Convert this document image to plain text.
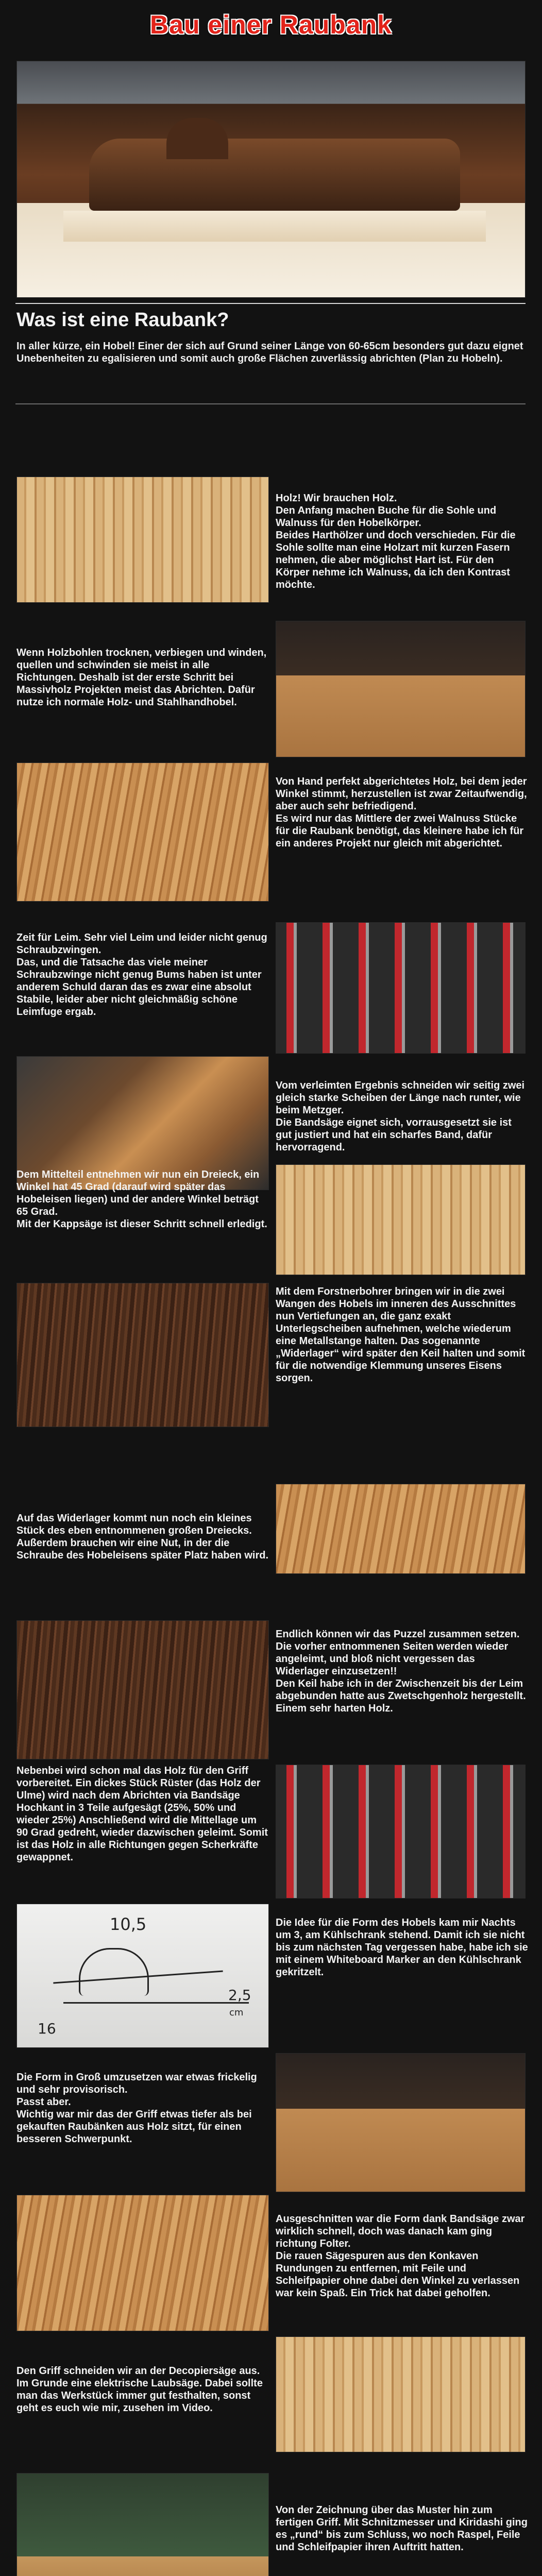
Bau einer Raubank
Was ist eine Raubank?
In aller kürze, ein Hobel! Einer der sich auf Grund seiner Länge von 60-65cm besonders gut dazu eignet Unebenheiten zu egalisieren und somit auch große Flächen zuverlässig abrichten (Plan zu Hobeln).
Holz! Wir brauchen Holz.
Den Anfang machen Buche für die Sohle und Walnuss für den Hobelkörper.
Beides Harthölzer und doch verschieden. Für die Sohle sollte man eine Holzart mit kurzen Fasern nehmen, die aber möglichst Hart ist. Für den Körper nehme ich Walnuss, da ich den Kontrast möchte.
Wenn Holzbohlen trocknen, verbiegen und winden, quellen und schwinden sie meist in alle Richtungen. Deshalb ist der erste Schritt bei Massivholz Projekten meist das Abrichten. Dafür nutze ich normale Holz- und Stahlhandhobel.
Von Hand perfekt abgerichtetes Holz, bei dem jeder Winkel stimmt, herzustellen ist zwar Zeitaufwendig, aber auch sehr befriedigend.
Es wird nur das Mittlere der zwei Walnuss Stücke für die Raubank benötigt, das kleinere habe ich für ein anderes Projekt nur gleich mit abgerichtet.
Zeit für Leim. Sehr viel Leim und leider nicht genug Schraubzwingen.
Das, und die Tatsache das viele meiner Schraubzwinge nicht genug Bums haben ist unter anderem Schuld daran das es zwar eine absolut Stabile, leider aber nicht gleichmäßig schöne Leimfuge ergab.
Vom verleimten Ergebnis schneiden wir seitig zwei gleich starke Scheiben der Länge nach runter, wie beim Metzger.
Die Bandsäge eignet sich, vorrausgesetzt sie ist gut justiert und hat ein scharfes Band, dafür hervorragend.
Dem Mittelteil entnehmen wir nun ein Dreieck, ein Winkel hat 45 Grad (darauf wird später das Hobeleisen liegen) und der andere Winkel beträgt 65 Grad.
Mit der Kappsäge ist dieser Schritt schnell erledigt.
Mit dem Forstnerbohrer bringen wir in die zwei Wangen des Hobels im inneren des Ausschnittes nun Vertiefungen an, die ganz exakt Unterlegscheiben aufnehmen, welche wiederum eine Metallstange halten. Das sogenannte „Widerlager“ wird später den Keil halten und somit für die notwendige Klemmung unseres Eisens sorgen.
Auf das Widerlager kommt nun noch ein kleines Stück des eben entnommenen großen Dreiecks.
Außerdem brauchen wir eine Nut, in der die Schraube des Hobeleisens später Platz haben wird.
Endlich können wir das Puzzel zusammen setzen. Die vorher entnommenen Seiten werden wieder angeleimt, und bloß nicht vergessen das Widerlager einzusetzen!!
Den Keil habe ich in der Zwischenzeit bis der Leim abgebunden hatte aus Zwetschgenholz hergestellt. Einem sehr harten Holz.
Nebenbei wird schon mal das Holz für den Griff vorbereitet. Ein dickes Stück Rüster (das Holz der Ulme) wird nach dem Abrichten via Bandsäge Hochkant in 3 Teile aufgesägt (25%, 50% und wieder 25%) Anschließend wird die Mittellage um 90 Grad gedreht, wieder dazwischen geleimt. Somit ist das Holz in alle Richtungen gegen Scherkräfte gewappnet.
10,5
2,5
cm
16
Die Idee für die Form des Hobels kam mir Nachts um 3, am Kühlschrank stehend. Damit ich sie nicht bis zum nächsten Tag vergessen habe, habe ich sie mit einem Whiteboard Marker an den Kühlschrank gekritzelt.
Die Form in Groß umzusetzen war etwas frickelig und sehr provisorisch.
Passt aber.
Wichtig war mir das der Griff etwas tiefer als bei gekauften Raubänken aus Holz sitzt, für einen besseren Schwerpunkt.
Ausgeschnitten war die Form dank Bandsäge zwar wirklich schnell, doch was danach kam ging richtung Folter.
Die rauen Sägespuren aus den Konkaven Rundungen zu entfernen, mit Feile und Schleifpapier ohne dabei den Winkel zu verlassen war kein Spaß. Ein Trick hat dabei geholfen.
Den Griff schneiden wir an der Decopiersäge aus. Im Grunde eine elektrische Laubsäge. Dabei sollte man das Werkstück immer gut festhalten, sonst geht es euch wie mir, zusehen im Video.
Von der Zeichnung über das Muster hin zum fertigen Griff. Mit Schnitzmesser und Kiridashi ging es „rund“ bis zum Schluss, wo noch Raspel, Feile und Schleifpapier ihren Auftritt hatten.
